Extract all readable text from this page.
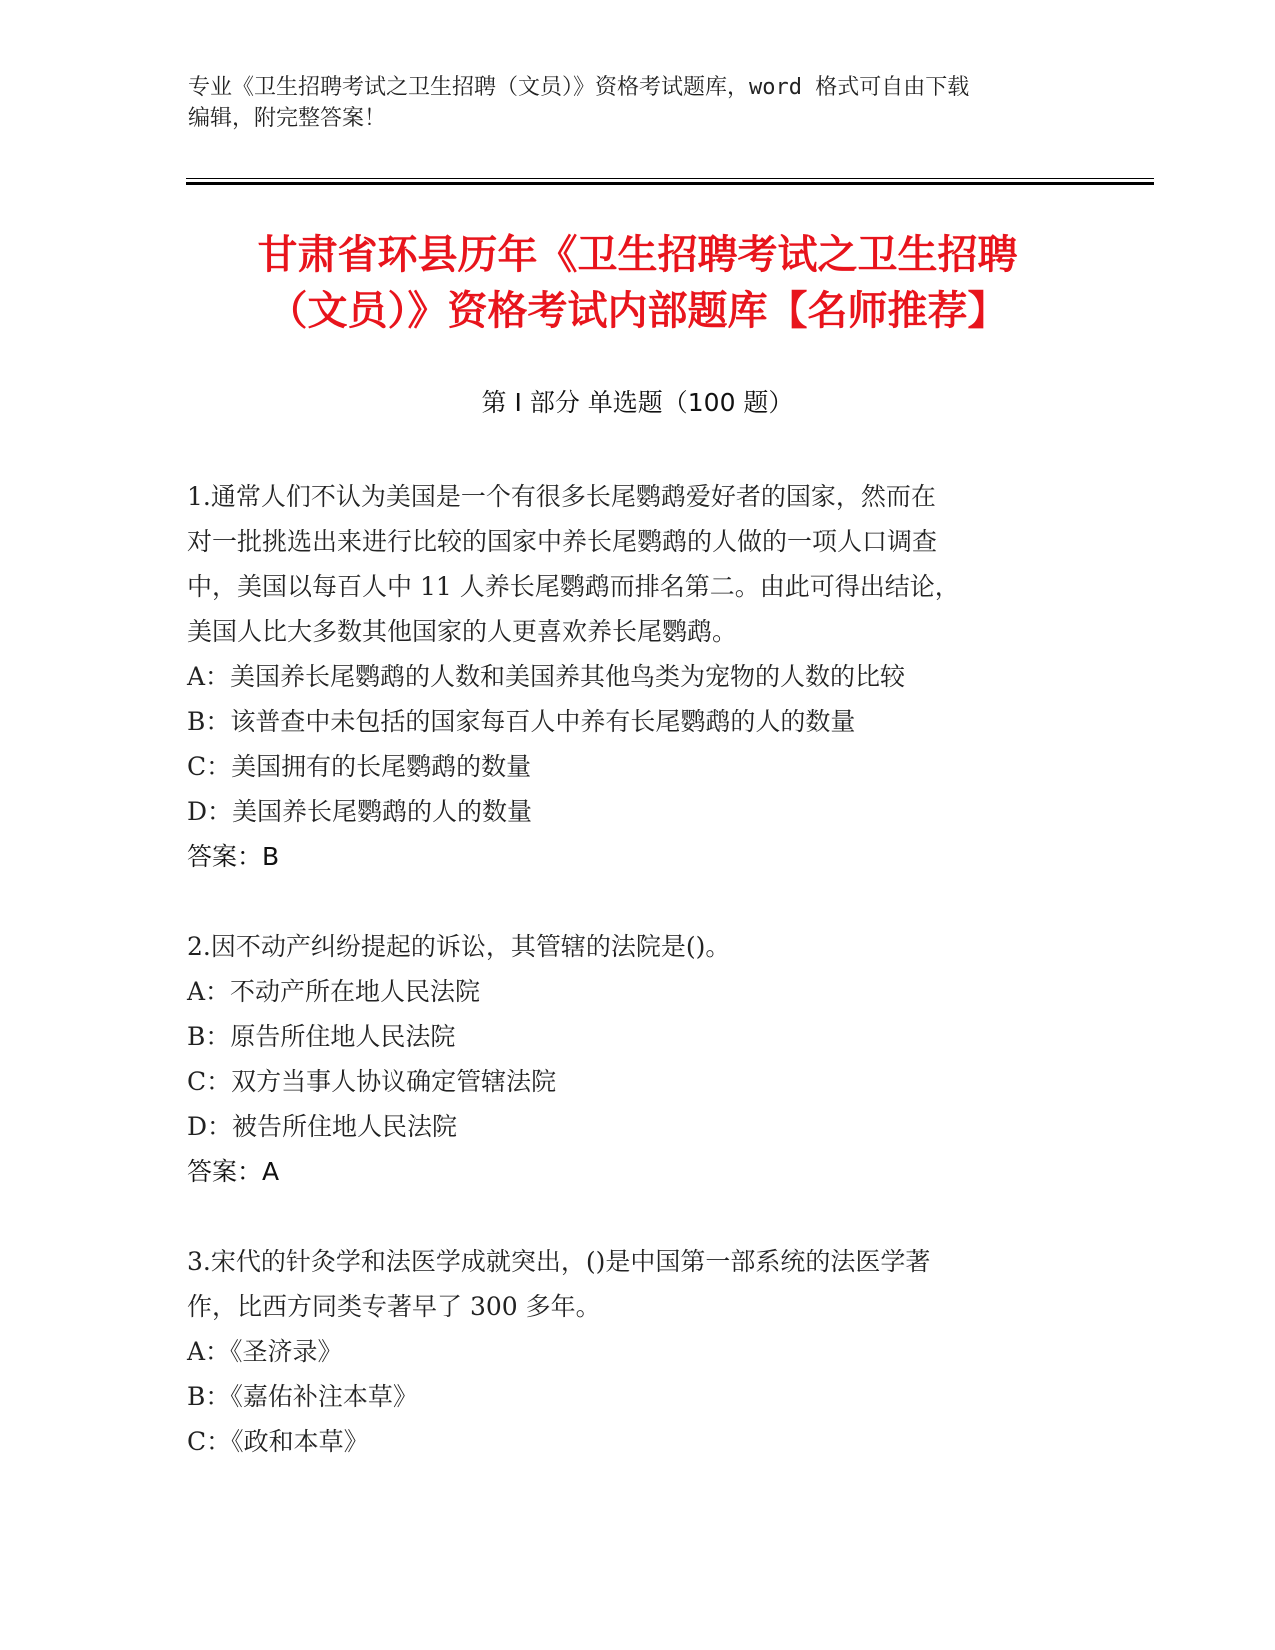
专业《卫生招聘考试之卫生招聘（文员）》资格考试题库，word 格式可自由下载
编辑，附完整答案！
甘肃省环县历年《卫生招聘考试之卫生招聘
（文员）》资格考试内部题库【名师推荐】
第 I 部分 单选题（100 题）
1.通常人们不认为美国是一个有很多长尾鹦鹉爱好者的国家，然而在
对一批挑选出来进行比较的国家中养长尾鹦鹉的人做的一项人口调查
中，美国以每百人中 11 人养长尾鹦鹉而排名第二。由此可得出结论，
美国人比大多数其他国家的人更喜欢养长尾鹦鹉。
A：美国养长尾鹦鹉的人数和美国养其他鸟类为宠物的人数的比较
B：该普查中未包括的国家每百人中养有长尾鹦鹉的人的数量
C：美国拥有的长尾鹦鹉的数量
D：美国养长尾鹦鹉的人的数量
答案：B
2.因不动产纠纷提起的诉讼，其管辖的法院是()。
A：不动产所在地人民法院
B：原告所住地人民法院
C：双方当事人协议确定管辖法院
D：被告所住地人民法院
答案：A
3.宋代的针灸学和法医学成就突出，()是中国第一部系统的法医学著
作，比西方同类专著早了 300 多年。
A：《圣济录》
B：《嘉佑补注本草》
C：《政和本草》
